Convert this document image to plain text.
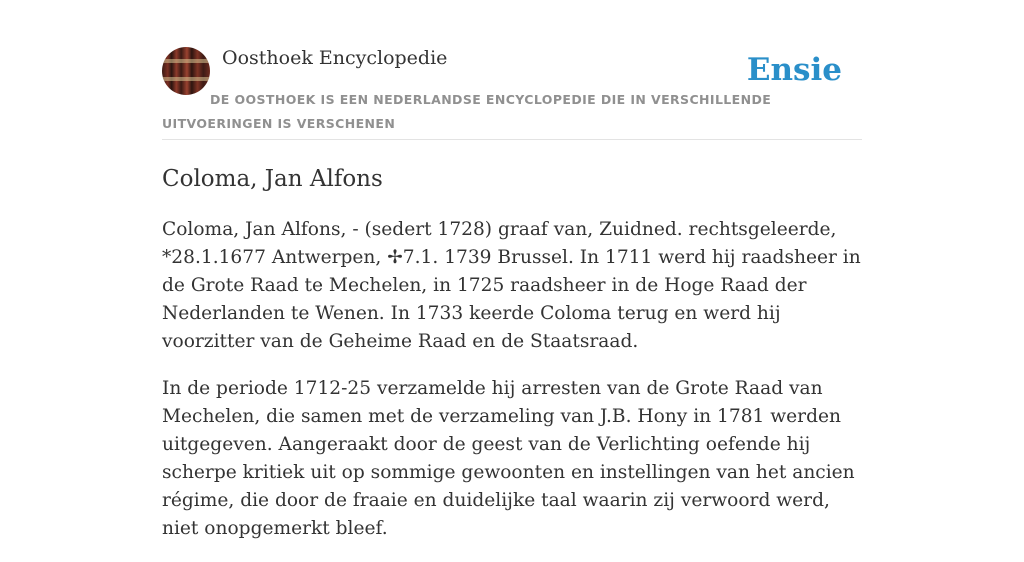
Oosthoek Encyclopedie	Ensie
DE OOSTHOEK IS EEN NEDERLANDSE ENCYCLOPEDIE DIE IN VERSCHILLENDE UITVOERINGEN IS VERSCHENEN
Coloma, Jan Alfons

Coloma, Jan Alfons, - (sedert 1728) graaf van, Zuidned. rechtsgeleerde, *28.1.1677 Antwerpen, ✢7.1. 1739 Brussel. In 1711 werd hij raadsheer in de Grote Raad te Mechelen, in 1725 raadsheer in de Hoge Raad der Nederlanden te Wenen. In 1733 keerde Coloma terug en werd hij voorzitter van de Geheime Raad en de Staatsraad.

In de periode 1712-25 verzamelde hij arresten van de Grote Raad van Mechelen, die samen met de verzameling van J.B. Hony in 1781 werden uitgegeven. Aangeraakt door de geest van de Verlichting oefende hij scherpe kritiek uit op sommige gewoonten en instellingen van het ancien régime, die door de fraaie en duidelijke taal waarin zij verwoord werd, niet onopgemerkt bleef.
